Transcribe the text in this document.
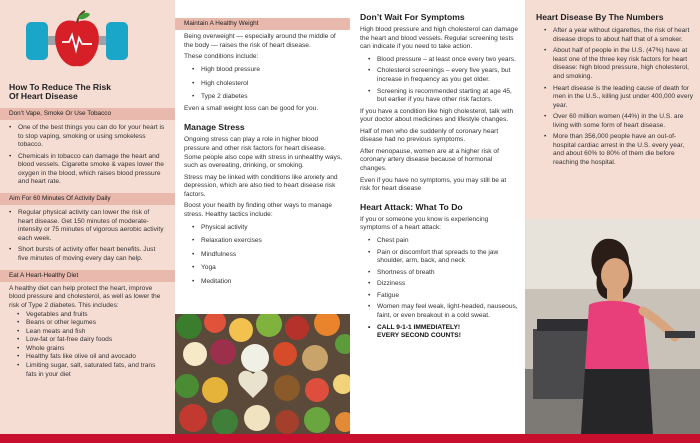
How To Reduce The Risk
Of Heart Disease
Don’t Vape, Smoke Or Use Tobacco
• One of the best things you can do for your heart is to stop vaping, smoking or using smokeless tobacco.
• Chemicals in tobacco can damage the heart and blood vessels. Cigarette smoke & vapes lower the oxygen in the blood, which raises blood pressure and heart rate.
Aim For 60 Minutes Of Activity Daily
• Regular physical activity can lower the risk of heart disease. Get 150 minutes of moderate-intensity or 75 minutes of vigorous aerobic activity each week.
• Short bursts of activity offer heart benefits. Just five minutes of moving every day can help.
Eat A Heart-Healthy Diet
A healthy diet can help protect the heart, improve blood pressure and cholesterol, as well as lower the risk of Type 2 diabetes. This includes:
• Vegetables and fruits
• Beans or other legumes
• Lean meats and fish
• Low-fat or fat-free dairy foods
• Whole grains
• Healthy fats like olive oil and avocado
• Limiting sugar, salt, saturated fats, and trans fats in your diet
Maintain A Healthy Weight
Being overweight — especially around the middle of the body — raises the risk of heart disease.
These conditions include:
• High blood pressure
• High cholesterol
• Type 2 diabetes
Even a small weight loss can be good for you.
Manage Stress
Ongoing stress can play a role in higher blood pressure and other risk factors for heart disease. Some people also cope with stress in unhealthy ways, such as overeating, drinking, or smoking.
Stress may be linked with conditions like anxiety and depression, which are also tied to heart disease risk factors.
Boost your health by finding other ways to manage stress. Healthy tactics include:
• Physical activity
• Relaxation exercises
• Mindfulness
• Yoga
• Meditation
Don’t Wait For Symptoms
High blood pressure and high cholesterol can damage the heart and blood vessels. Regular screening tests can indicate if you need to take action.
• Blood pressure – at least once every two years.
• Cholesterol screenings – every five years, but increase in frequency as you get older.
• Screening is recommended starting at age 45, but earlier if you have other risk factors.
If you have a condition like high cholesterol, talk with your doctor about medicines and lifestyle changes.
Half of men who die suddenly of coronary heart disease had no previous symptoms.
After menopause, women are at a higher risk of coronary artery disease because of hormonal changes.
Even if you have no symptoms, you may still be at risk for heart disease
Heart Attack: What To Do
If you or someone you know is experiencing symptoms of a heart attack:
• Chest pain
• Pain or discomfort that spreads to the jaw shoulder, arm, back, and neck
• Shortness of breath
• Dizziness
• Fatigue
• Women may feel weak, light-headed, nauseous, faint, or even breakout in a cold sweat.
• CALL 9-1-1 IMMEDIATELY!
EVERY SECOND COUNTS!
Heart Disease By The Numbers
• After a year without cigarettes, the risk of heart disease drops to about half that of a smoker.
• About half of people in the U.S. (47%) have at least one of the three key risk factors for heart disease: high blood pressure, high cholesterol, and smoking.
• Heart disease is the leading cause of death for men in the U.S., killing just under 400,000 every year.
• Over 60 million women (44%) in the U.S. are living with some form of heart disease.
• More than 356,000 people have an out-of-hospital cardiac arrest in the U.S. every year, and about 60% to 80% of them die before reaching the hospital.
